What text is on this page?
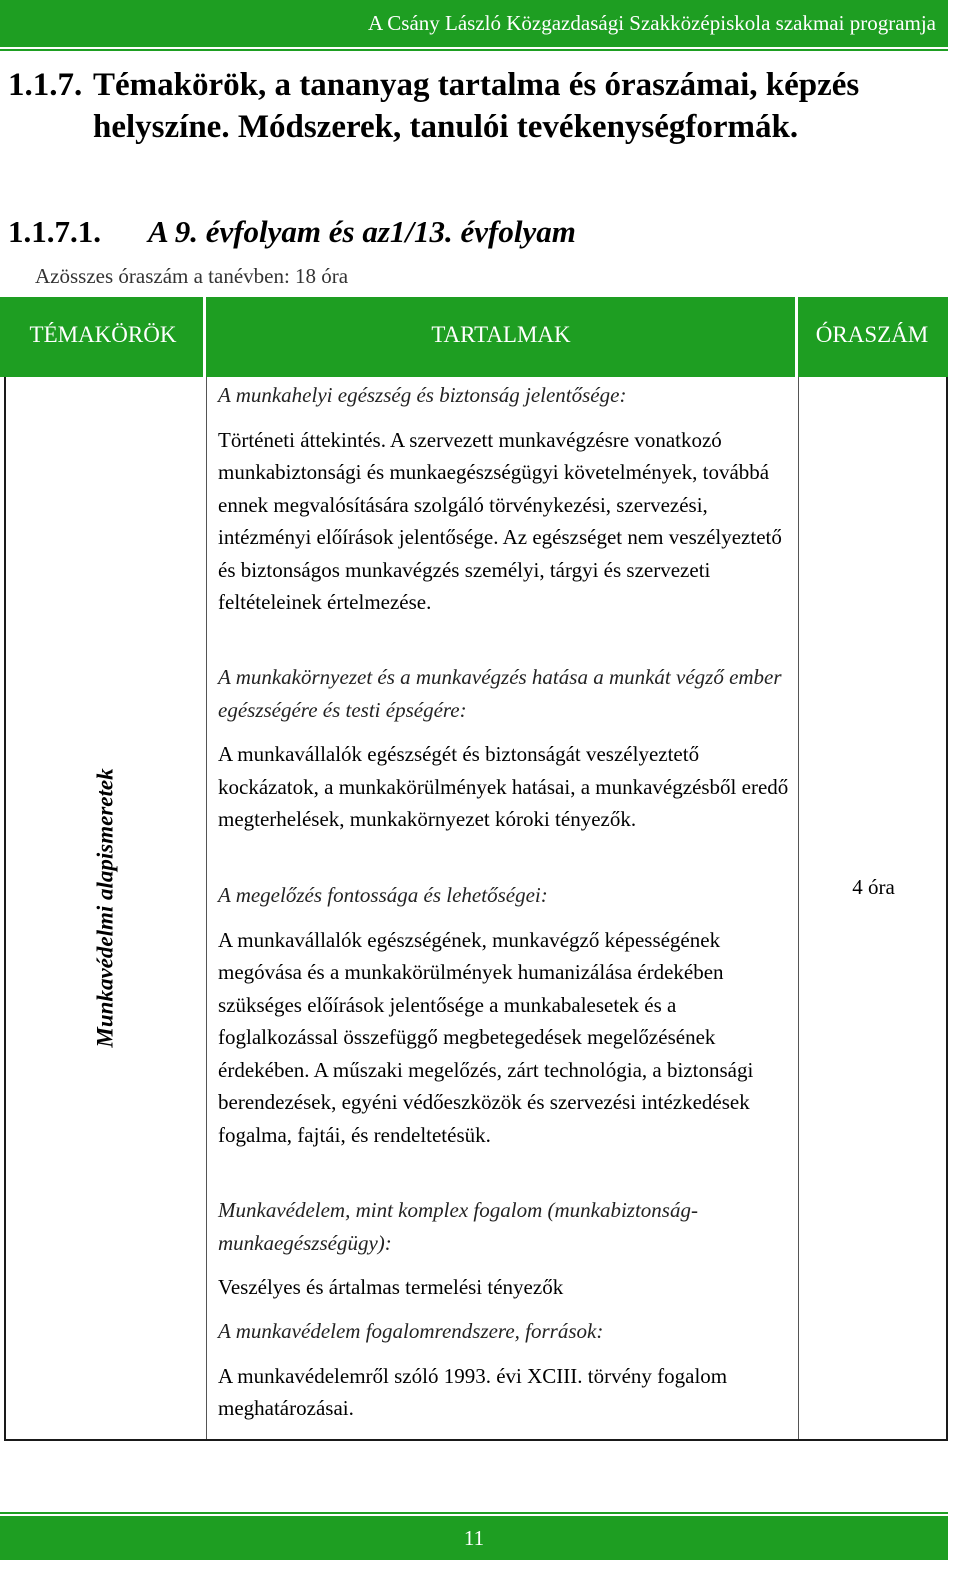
A Csány László Közgazdasági Szakközépiskola szakmai programja
1.1.7. Témakörök, a tananyag tartalma és óraszámai, képzés helyszíne. Módszerek, tanulói tevékenységformák.
1.1.7.1. A 9. évfolyam és az1/13. évfolyam
Azösszes óraszám a tanévben: 18 óra
TÉMAKÖRÖK	TARTALMAK	ÓRASZÁM
Munkavédelmi alapismeretek
A munkahelyi egészség és biztonság jelentősége:
Történeti áttekintés. A szervezett munkavégzésre vonatkozó munkabiztonsági és munkaegészségügyi követelmények, továbbá ennek megvalósítására szolgáló törvénykezési, szervezési, intézményi előírások jelentősége. Az egészséget nem veszélyeztető és biztonságos munkavégzés személyi, tárgyi és szervezeti feltételeinek értelmezése.
A munkakörnyezet és a munkavégzés hatása a munkát végző ember egészségére és testi épségére:
A munkavállalók egészségét és biztonságát veszélyeztető kockázatok, a munkakörülmények hatásai, a munkavégzésből eredő megterhelések, munkakörnyezet kóroki tényezők.
A megelőzés fontossága és lehetőségei:
A munkavállalók egészségének, munkavégző képességének megóvása és a munkakörülmények humanizálása érdekében szükséges előírások jelentősége a munkabalesetek és a foglalkozással összefüggő megbetegedések megelőzésének érdekében. A műszaki megelőzés, zárt technológia, a biztonsági berendezések, egyéni védőeszközök és szervezési intézkedések fogalma, fajtái, és rendeltetésük.
Munkavédelem, mint komplex fogalom (munkabiztonság-munkaegészségügy):
Veszélyes és ártalmas termelési tényezők
A munkavédelem fogalomrendszere, források:
A munkavédelemről szóló 1993. évi XCIII. törvény fogalom meghatározásai.
4 óra
11
